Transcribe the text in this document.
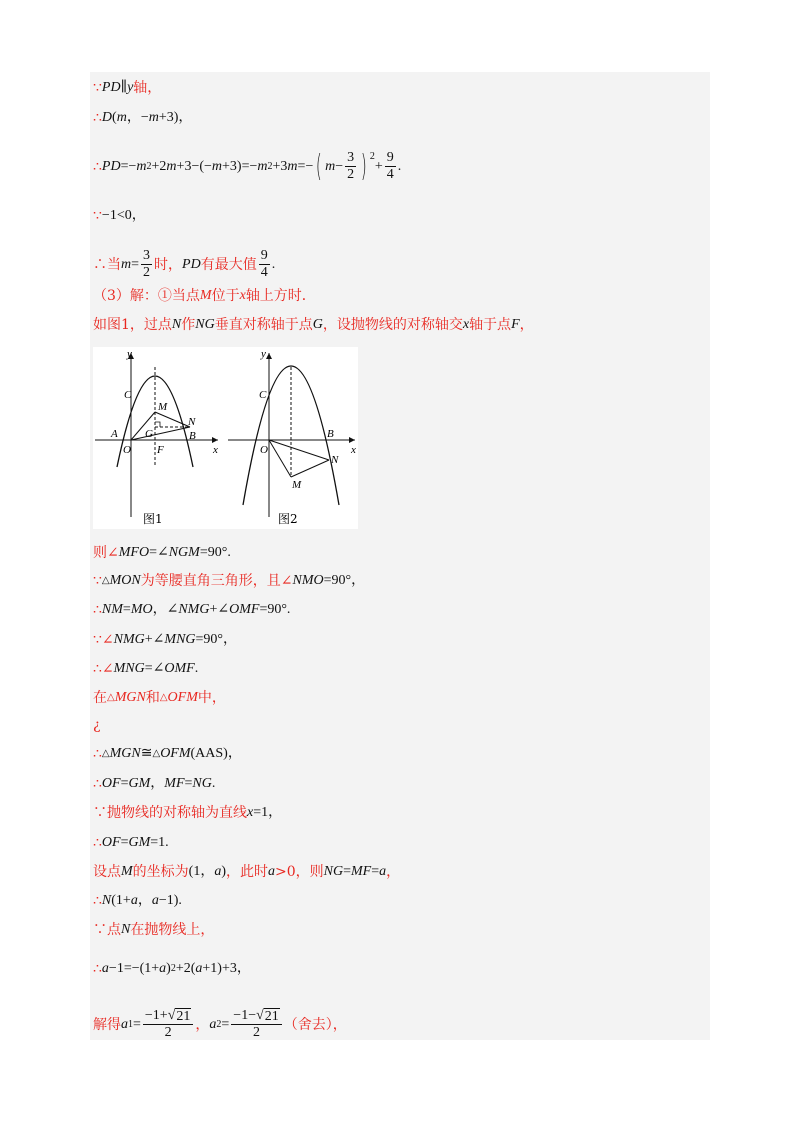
∵ PD ∥ y 轴，
∴ D ( m ，− m +3)，
∴ PD =− m 2 +2 m +3−(− m +3)=− m 2 +3 m =− ( $m - \frac{3}{2}$ ) $^2$
+ $\frac{9}{4}$ .
∵ −1<0，
∴当 $m = \frac{3}{2}$ 时， PD 有最大值 $\frac{9}{4}$ .
（3）解：①当点 M 位于 x 轴上方时．
如图1，过点 N 作 NG 垂直对称轴于点 G ，设抛物线的对称轴交 x 轴于点 F ，
y
x
C
M
N
A G	B
O F
图1
y
x
C
B
O
N
M
图2
则∠ MFO =∠ NGM =90°.
∵ △ MON 为等腰直角三角形，且∠ NMO =90°，
∴ NM = MO ，∠ NMG +∠ OMF =90°.
∵∠ NMG +∠ MNG =90°，
∴∠ MNG =∠ OMF .
在 △ MGN 和 △ OFM 中，
¿
∴ △ MGN ≅ △ OFM (AAS)，
∴ OF = GM ， MF = NG .
∵抛物线的对称轴为直线 x =1，
∴ OF = GM =1.
设点 M 的坐标为 (1， a ) ，此时 a >0，则 NG = MF = a ，
∴ N (1+ a ， a −1).
∵点 N 在抛物线上，
∴ a −1=−(1+ a ) 2 +2( a +1)+3，
解得 a $1 = \frac{-1+ √ 21}{2}$ ， a $2 = \frac{-1- √ 21}{2}$ （舍去），
